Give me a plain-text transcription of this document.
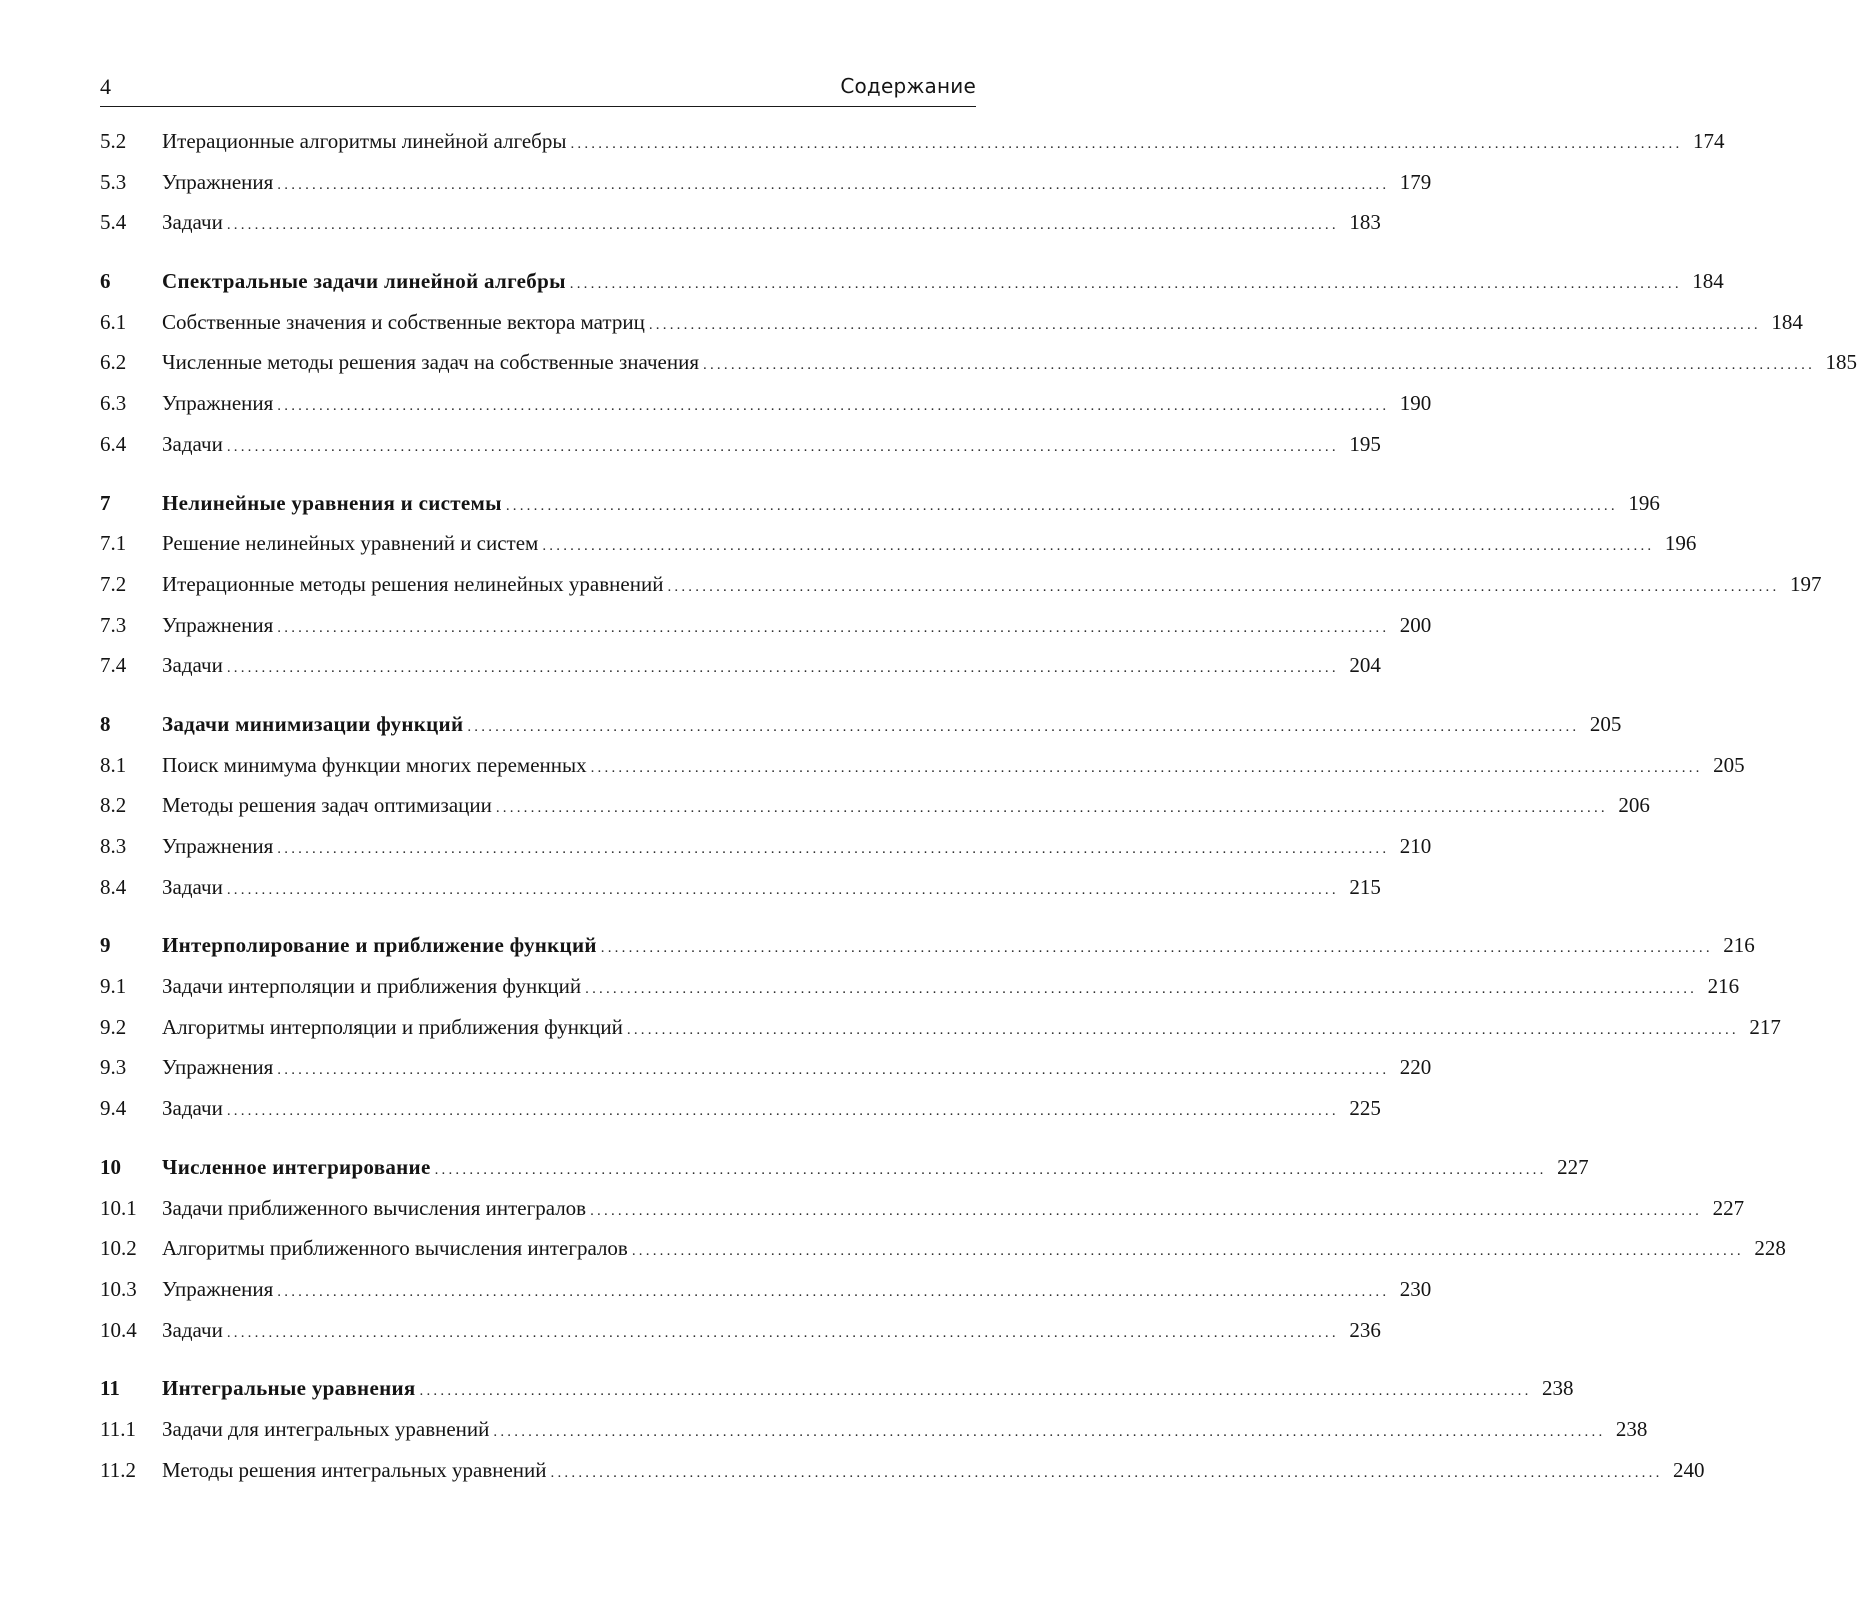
4	Содержание
5.2	Итерационные алгоритмы линейной алгебры ................................................................................................................................................................ 174
5.3	Упражнения ................................................................................................................................................................ 179
5.4	Задачи ................................................................................................................................................................ 183
6	Спектральные задачи линейной алгебры ................................................................................................................................................................ 184
6.1	Собственные значения и собственные вектора матриц ................................................................................................................................................................ 184
6.2	Численные методы решения задач на собственные значения ................................................................................................................................................................ 185
6.3	Упражнения ................................................................................................................................................................ 190
6.4	Задачи ................................................................................................................................................................ 195
7	Нелинейные уравнения и системы ................................................................................................................................................................ 196
7.1	Решение нелинейных уравнений и систем ................................................................................................................................................................ 196
7.2	Итерационные методы решения нелинейных уравнений ................................................................................................................................................................ 197
7.3	Упражнения ................................................................................................................................................................ 200
7.4	Задачи ................................................................................................................................................................ 204
8	Задачи минимизации функций ................................................................................................................................................................ 205
8.1	Поиск минимума функции многих переменных ................................................................................................................................................................ 205
8.2	Методы решения задач оптимизации ................................................................................................................................................................ 206
8.3	Упражнения ................................................................................................................................................................ 210
8.4	Задачи ................................................................................................................................................................ 215
9	Интерполирование и приближение функций ................................................................................................................................................................ 216
9.1	Задачи интерполяции и приближения функций ................................................................................................................................................................ 216
9.2	Алгоритмы интерполяции и приближения функций ................................................................................................................................................................ 217
9.3	Упражнения ................................................................................................................................................................ 220
9.4	Задачи ................................................................................................................................................................ 225
10	Численное интегрирование ................................................................................................................................................................ 227
10.1	Задачи приближенного вычисления интегралов ................................................................................................................................................................ 227
10.2	Алгоритмы приближенного вычисления интегралов ................................................................................................................................................................ 228
10.3	Упражнения ................................................................................................................................................................ 230
10.4	Задачи ................................................................................................................................................................ 236
11	Интегральные уравнения ................................................................................................................................................................ 238
11.1	Задачи для интегральных уравнений ................................................................................................................................................................ 238
11.2	Методы решения интегральных уравнений ................................................................................................................................................................ 240
